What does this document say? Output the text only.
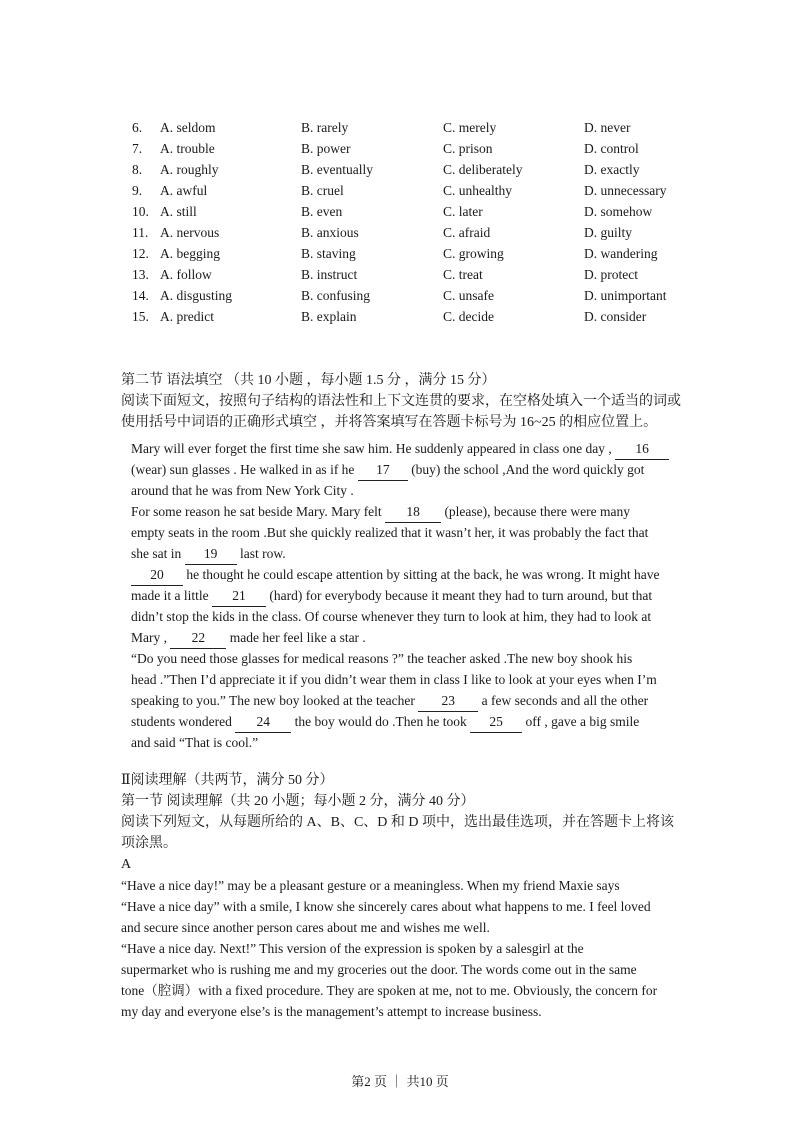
6. A. seldom	B. rarely	C. merely	D. never
7. A. trouble	B. power	C. prison	D. control
8. A. roughly	B. eventually	C. deliberately	D. exactly
9. A. awful	B. cruel	C. unhealthy	D. unnecessary
10. A. still	B. even	C. later	D. somehow
11. A. nervous	B. anxious	C. afraid	D. guilty
12. A. begging	B. staving	C. growing	D. wandering
13. A. follow	B. instruct	C. treat	D. protect
14. A. disgusting	B. confusing	C. unsafe	D. unimportant
15. A. predict	B. explain	C. decide	D. consider
第二节 语法填空 （共 10 小题 ，每小题 1.5 分 ，满分 15 分）
阅读下面短文，按照句子结构的语法性和上下文连贯的要求，在空格处填入一个适当的词或
使用括号中词语的正确形式填空 ，并将答案填写在答题卡标号为 16~25 的相应位置上。
Mary will ever forget the first time she saw him. He suddenly appeared in class one day , 16
(wear) sun glasses . He walked in as if he 17 (buy) the school ,And the word quickly got
around that he was from New York City .
For some reason he sat beside Mary. Mary felt 18 (please), because there were many
empty seats in the room .But she quickly realized that it wasn’t her, it was probably the fact that
she sat in 19 last row.
20 he thought he could escape attention by sitting at the back, he was wrong. It might have
made it a little 21 (hard) for everybody because it meant they had to turn around, but that
didn’t stop the kids in the class. Of course whenever they turn to look at him, they had to look at
Mary , 22 made her feel like a star .
“Do you need those glasses for medical reasons ?” the teacher asked .The new boy shook his
head .”Then I’d appreciate it if you didn’t wear them in class I like to look at your eyes when I’m
speaking to you.” The new boy looked at the teacher 23 a few seconds and all the other
students wondered 24 the boy would do .Then he took 25 off , gave a big smile
and said “That is cool.”
Ⅱ阅读理解（共两节，满分 50 分）
第一节 阅读理解（共 20 小题；每小题 2 分，满分 40 分）
阅读下列短文，从每题所给的 A、B、C、D 和 D 项中，选出最佳选项，并在答题卡上将该
项涂黑。
A
“Have a nice day!” may be a pleasant gesture or a meaningless. When my friend Maxie says
“Have a nice day” with a smile, I know she sincerely cares about what happens to me. I feel loved
and secure since another person cares about me and wishes me well.
“Have a nice day. Next!” This version of the expression is spoken by a salesgirl at the
supermarket who is rushing me and my groceries out the door. The words come out in the same
tone（腔调）with a fixed procedure. They are spoken at me, not to me. Obviously, the concern for
my day and everyone else’s is the management’s attempt to increase business.
第2 页 ｜ 共10 页
